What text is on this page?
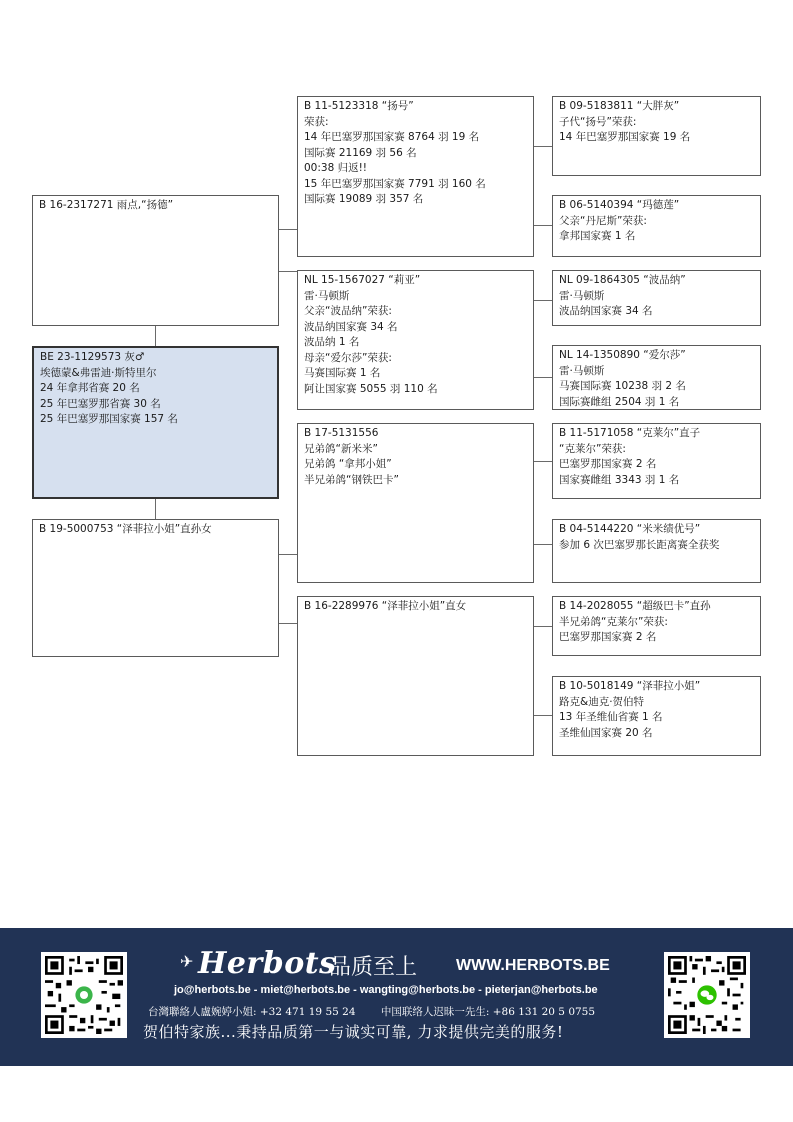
B 16-2317271 雨点,“扬德”
BE 23-1129573 灰♂
埃德蒙&弗雷迪·斯特里尔
24 年拿邦省赛 20 名
25 年巴塞罗那省赛 30 名
25 年巴塞罗那国家赛 157 名
B 19-5000753 “泽菲拉小姐”直孙女
B 11-5123318 “扬号”
荣获:
14 年巴塞罗那国家赛 8764 羽 19 名
国际赛 21169 羽 56 名
00:38 归返!!
15 年巴塞罗那国家赛 7791 羽 160 名
国际赛 19089 羽 357 名
NL 15-1567027 “莉亚”
雷·马顿斯
父亲“波品纳”荣获:
波品纳国家赛 34 名
波品纳 1 名
母亲“爱尔莎”荣获:
马赛国际赛 1 名
阿让国家赛 5055 羽 110 名
B 17-5131556
兄弟鸽“新米米”
兄弟鸽 “拿邦小姐”
半兄弟鸽“钢铁巴卡”
B 16-2289976 “泽菲拉小姐”直女
B 09-5183811 “大胖灰”
子代“扬号”荣获:
14 年巴塞罗那国家赛 19 名
B 06-5140394 “玛德莲”
父亲“丹尼斯”荣获:
拿邦国家赛 1 名
NL 09-1864305 “波品纳”
雷·马顿斯
波品纳国家赛 34 名
NL 14-1350890 “爱尔莎”
雷·马顿斯
马赛国际赛 10238 羽 2 名
国际赛雌组 2504 羽 1 名
B 11-5171058 “克莱尔”直子
“克莱尔”荣获:
巴塞罗那国家赛 2 名
国家赛雌组 3343 羽 1 名
B 04-5144220 “米米绩优号”
参加 6 次巴塞罗那长距离赛全获奖
B 14-2028055 “超级巴卡”直孙
半兄弟鸽“克莱尔”荣获:
巴塞罗那国家赛 2 名
B 10-5018149 “泽菲拉小姐”
路克&迪克·贺伯特
13 年圣维仙省赛 1 名
圣维仙国家赛 20 名
✈ Herbots
品质至上 WWW.HERBOTS.BE
jo@herbots.be - miet@herbots.be - wangting@herbots.be - pieterjan@herbots.be
台灣聯絡人盧婉婷小姐: +32 471 19 55 24 中国联络人迟昧一先生: +86 131 20 5 0755
贺伯特家族...秉持品质第一与诚实可靠, 力求提供完美的服务!
